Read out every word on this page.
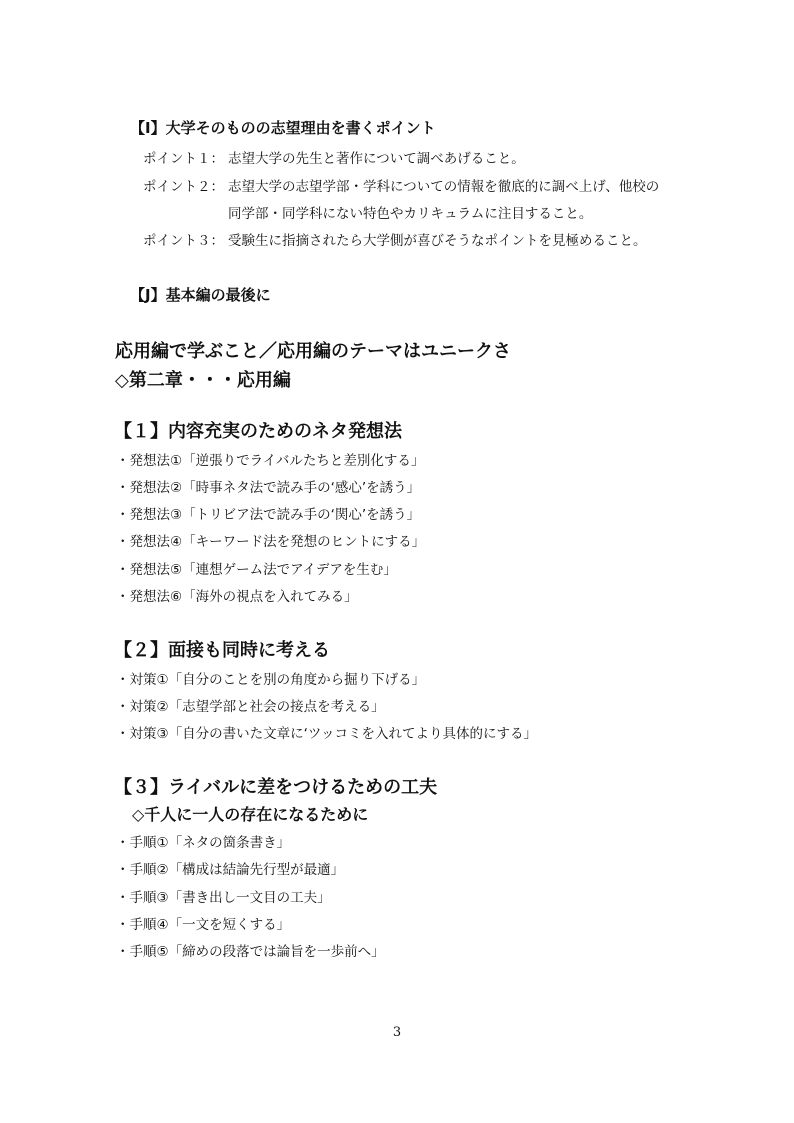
【I】大学そのものの志望理由を書くポイント
ポイント１： 志望大学の先生と著作について調べあげること。
ポイント２： 志望大学の志望学部・学科についての情報を徹底的に調べ上げ、他校の
同学部・同学科にない特色やカリキュラムに注目すること。
ポイント３： 受験生に指摘されたら大学側が喜びそうなポイントを見極めること。
【J】基本編の最後に
応用編で学ぶこと／応用編のテーマはユニークさ
◇第二章・・・応用編
【１】内容充実のためのネタ発想法
・発想法①「逆張りでライバルたちと差別化する」
・発想法②「時事ネタ法で読み手の‘感心’を誘う」
・発想法③「トリビア法で読み手の‘関心’を誘う」
・発想法④「キーワード法を発想のヒントにする」
・発想法⑤「連想ゲーム法でアイデアを生む」
・発想法⑥「海外の視点を入れてみる」
【２】面接も同時に考える
・対策①「自分のことを別の角度から掘り下げる」
・対策②「志望学部と社会の接点を考える」
・対策③「自分の書いた文章に‘ツッコミを入れてより具体的にする」
【３】ライバルに差をつけるための工夫
◇千人に一人の存在になるために
・手順①「ネタの箇条書き」
・手順②「構成は結論先行型が最適」
・手順③「書き出し一文目の工夫」
・手順④「一文を短くする」
・手順⑤「締めの段落では論旨を一歩前へ」
3
